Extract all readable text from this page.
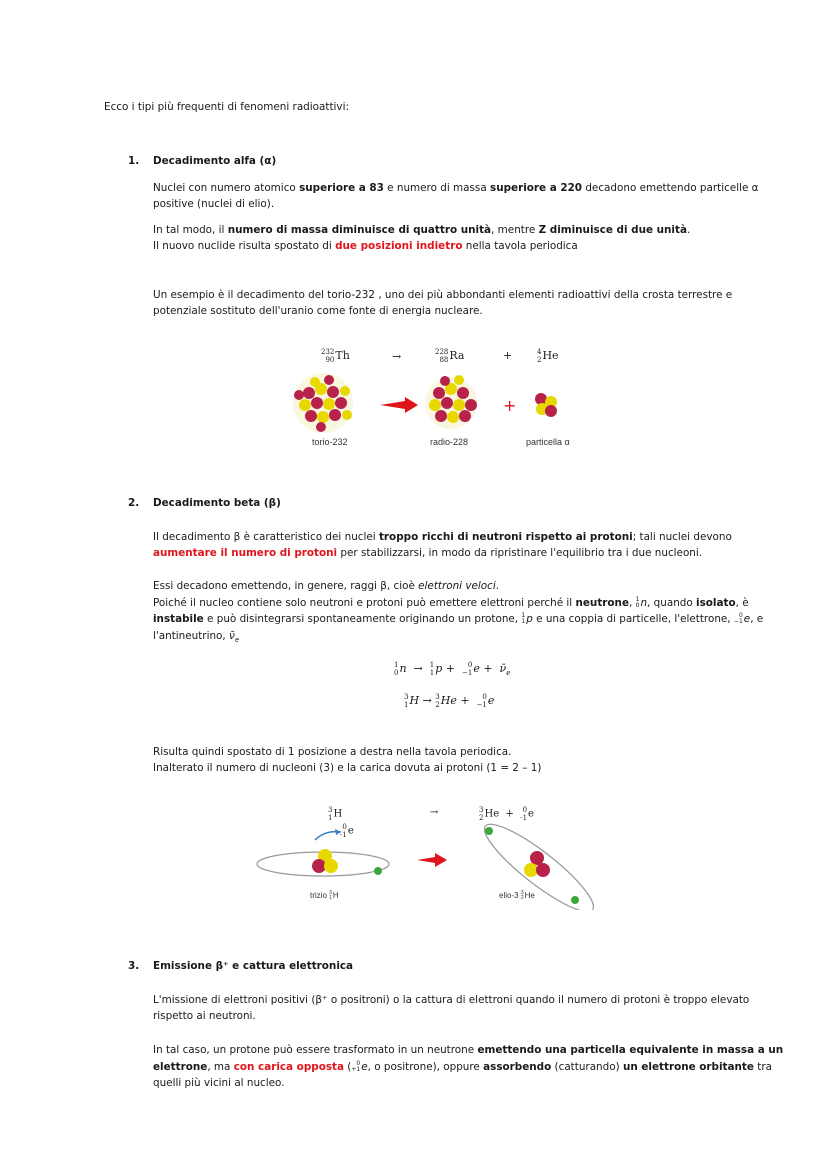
Ecco i tipi più frequenti di fenomeni radioattivi:

1. Decadimento alfa (α)

Nuclei con numero atomico superiore a 83 e numero di massa superiore a 220 decadono emettendo particelle α

positive (nuclei di elio).

In tal modo, il numero di massa diminuisce di quattro unità, mentre Z diminuisce di due unità.

Il nuovo nuclide risulta spostato di due posizioni indietro nella tavola periodica

Un esempio è il decadimento del torio-232 , uno dei più abbondanti elementi radioattivi della crosta terrestre e

potenziale sostituto dell'uranio come fonte di energia nucleare.

232
90 Th	→	228
88 Ra	+	4
2 He
+
torio-232	radio-228	particella α
2. Decadimento beta (β)

Il decadimento β è caratteristico dei nuclei troppo ricchi di neutroni rispetto ai protoni; tali nuclei devono

aumentare il numero di protoni per stabilizzarsi, in modo da ripristinare l'equilibrio tra i due nucleoni.

Essi decadono emettendo, in genere, raggi β, cioè elettroni veloci.

Poiché il nucleo contiene solo neutroni e protoni può emettere elettroni perché il neutrone, 1
0 n, quando isolato, è

instabile e può disintegrarsi spontaneamente originando un protone, 1
1 p e una coppia di particelle, l'elettrone, 0
−1 e, e

l'antineutrino, $\nū_e$

1
0 n  → 1
1 p + 0
−1 $e + \nū_e$
3
1 H → 3
2 He + 0
−1 e

Risulta quindi spostato di 1 posizione a destra nella tavola periodica.

Inalterato il numero di nucleoni (3) e la carica dovuta ai protoni (1 = 2 – 1)

3
1 H
0
-1 e
→	3
2 He +	0
-1 e
trizio 3
1 H	elio-3 3
2 He
3. Emissione β⁺ e cattura elettronica

L'missione di elettroni positivi (β⁺ o positroni) o la cattura di elettroni quando il numero di protoni è troppo elevato

rispetto ai neutroni.

In tal caso, un protone può essere trasformato in un neutrone emettendo una particella equivalente in massa a un

elettrone, ma con carica opposta ( 0
+1 e, o positrone), oppure assorbendo (catturando) un elettrone orbitante tra

quelli più vicini al nucleo.
